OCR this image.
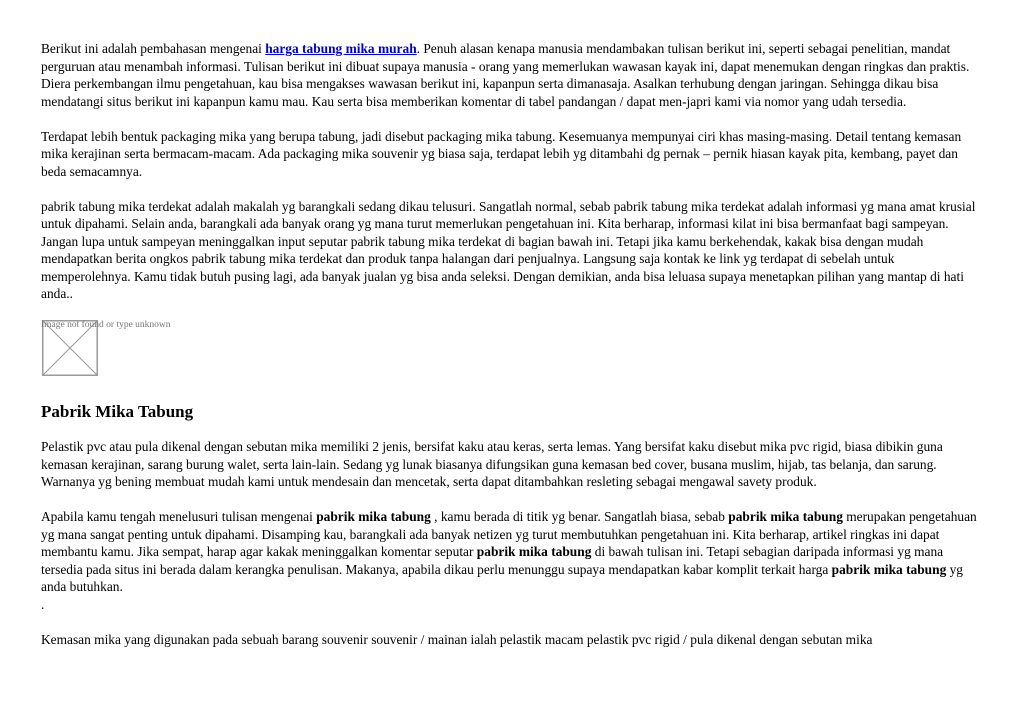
Berikut ini adalah pembahasan mengenai harga tabung mika murah. Penuh alasan kenapa manusia mendambakan tulisan berikut ini, seperti sebagai penelitian, mandat perguruan atau menambah informasi. Tulisan berikut ini dibuat supaya manusia - orang yang memerlukan wawasan kayak ini, dapat menemukan dengan ringkas dan praktis. Diera perkembangan ilmu pengetahuan, kau bisa mengakses wawasan berikut ini, kapanpun serta dimanasaja. Asalkan terhubung dengan jaringan. Sehingga dikau bisa mendatangi situs berikut ini kapanpun kamu mau. Kau serta bisa memberikan komentar di tabel pandangan / dapat men-japri kami via nomor yang udah tersedia.

Terdapat lebih bentuk packaging mika yang berupa tabung, jadi disebut packaging mika tabung. Kesemuanya mempunyai ciri khas masing-masing. Detail tentang kemasan mika kerajinan serta bermacam-macam. Ada packaging mika souvenir yg biasa saja, terdapat lebih yg ditambahi dg pernak – pernik hiasan kayak pita, kembang, payet dan beda semacamnya.

pabrik tabung mika terdekat adalah makalah yg barangkali sedang dikau telusuri. Sangatlah normal, sebab pabrik tabung mika terdekat adalah informasi yg mana amat krusial untuk dipahami. Selain anda, barangkali ada banyak orang yg mana turut memerlukan pengetahuan ini. Kita berharap, informasi kilat ini bisa bermanfaat bagi sampeyan. Jangan lupa untuk sampeyan meninggalkan input seputar pabrik tabung mika terdekat di bagian bawah ini. Tetapi jika kamu berkehendak, kakak bisa dengan mudah mendapatkan berita ongkos pabrik tabung mika terdekat dan produk tanpa halangan dari penjualnya. Langsung saja kontak ke link yg terdapat di sebelah untuk memperolehnya. Kamu tidak butuh pusing lagi, ada banyak jualan yg bisa anda seleksi. Dengan demikian, anda bisa leluasa supaya menetapkan pilihan yang mantap di hati anda..

Image not found or type unknown
Pabrik Mika Tabung

Pelastik pvc atau pula dikenal dengan sebutan mika memiliki 2 jenis, bersifat kaku atau keras, serta lemas. Yang bersifat kaku disebut mika pvc rigid, biasa dibikin guna kemasan kerajinan, sarang burung walet, serta lain-lain. Sedang yg lunak biasanya difungsikan guna kemasan bed cover, busana muslim, hijab, tas belanja, dan sarung. Warnanya yg bening membuat mudah kami untuk mendesain dan mencetak, serta dapat ditambahkan resleting sebagai mengawal savety produk.

Apabila kamu tengah menelusuri tulisan mengenai pabrik mika tabung , kamu berada di titik yg benar. Sangatlah biasa, sebab pabrik mika tabung merupakan pengetahuan yg mana sangat penting untuk dipahami. Disamping kau, barangkali ada banyak netizen yg turut membutuhkan pengetahuan ini. Kita berharap, artikel ringkas ini dapat membantu kamu. Jika sempat, harap agar kakak meninggalkan komentar seputar pabrik mika tabung di bawah tulisan ini. Tetapi sebagian daripada informasi yg mana tersedia pada situs ini berada dalam kerangka penulisan. Makanya, apabila dikau perlu menunggu supaya mendapatkan kabar komplit terkait harga pabrik mika tabung yg anda butuhkan.

.

Kemasan mika yang digunakan pada sebuah barang souvenir souvenir / mainan ialah pelastik macam pelastik pvc rigid / pula dikenal dengan sebutan mika
